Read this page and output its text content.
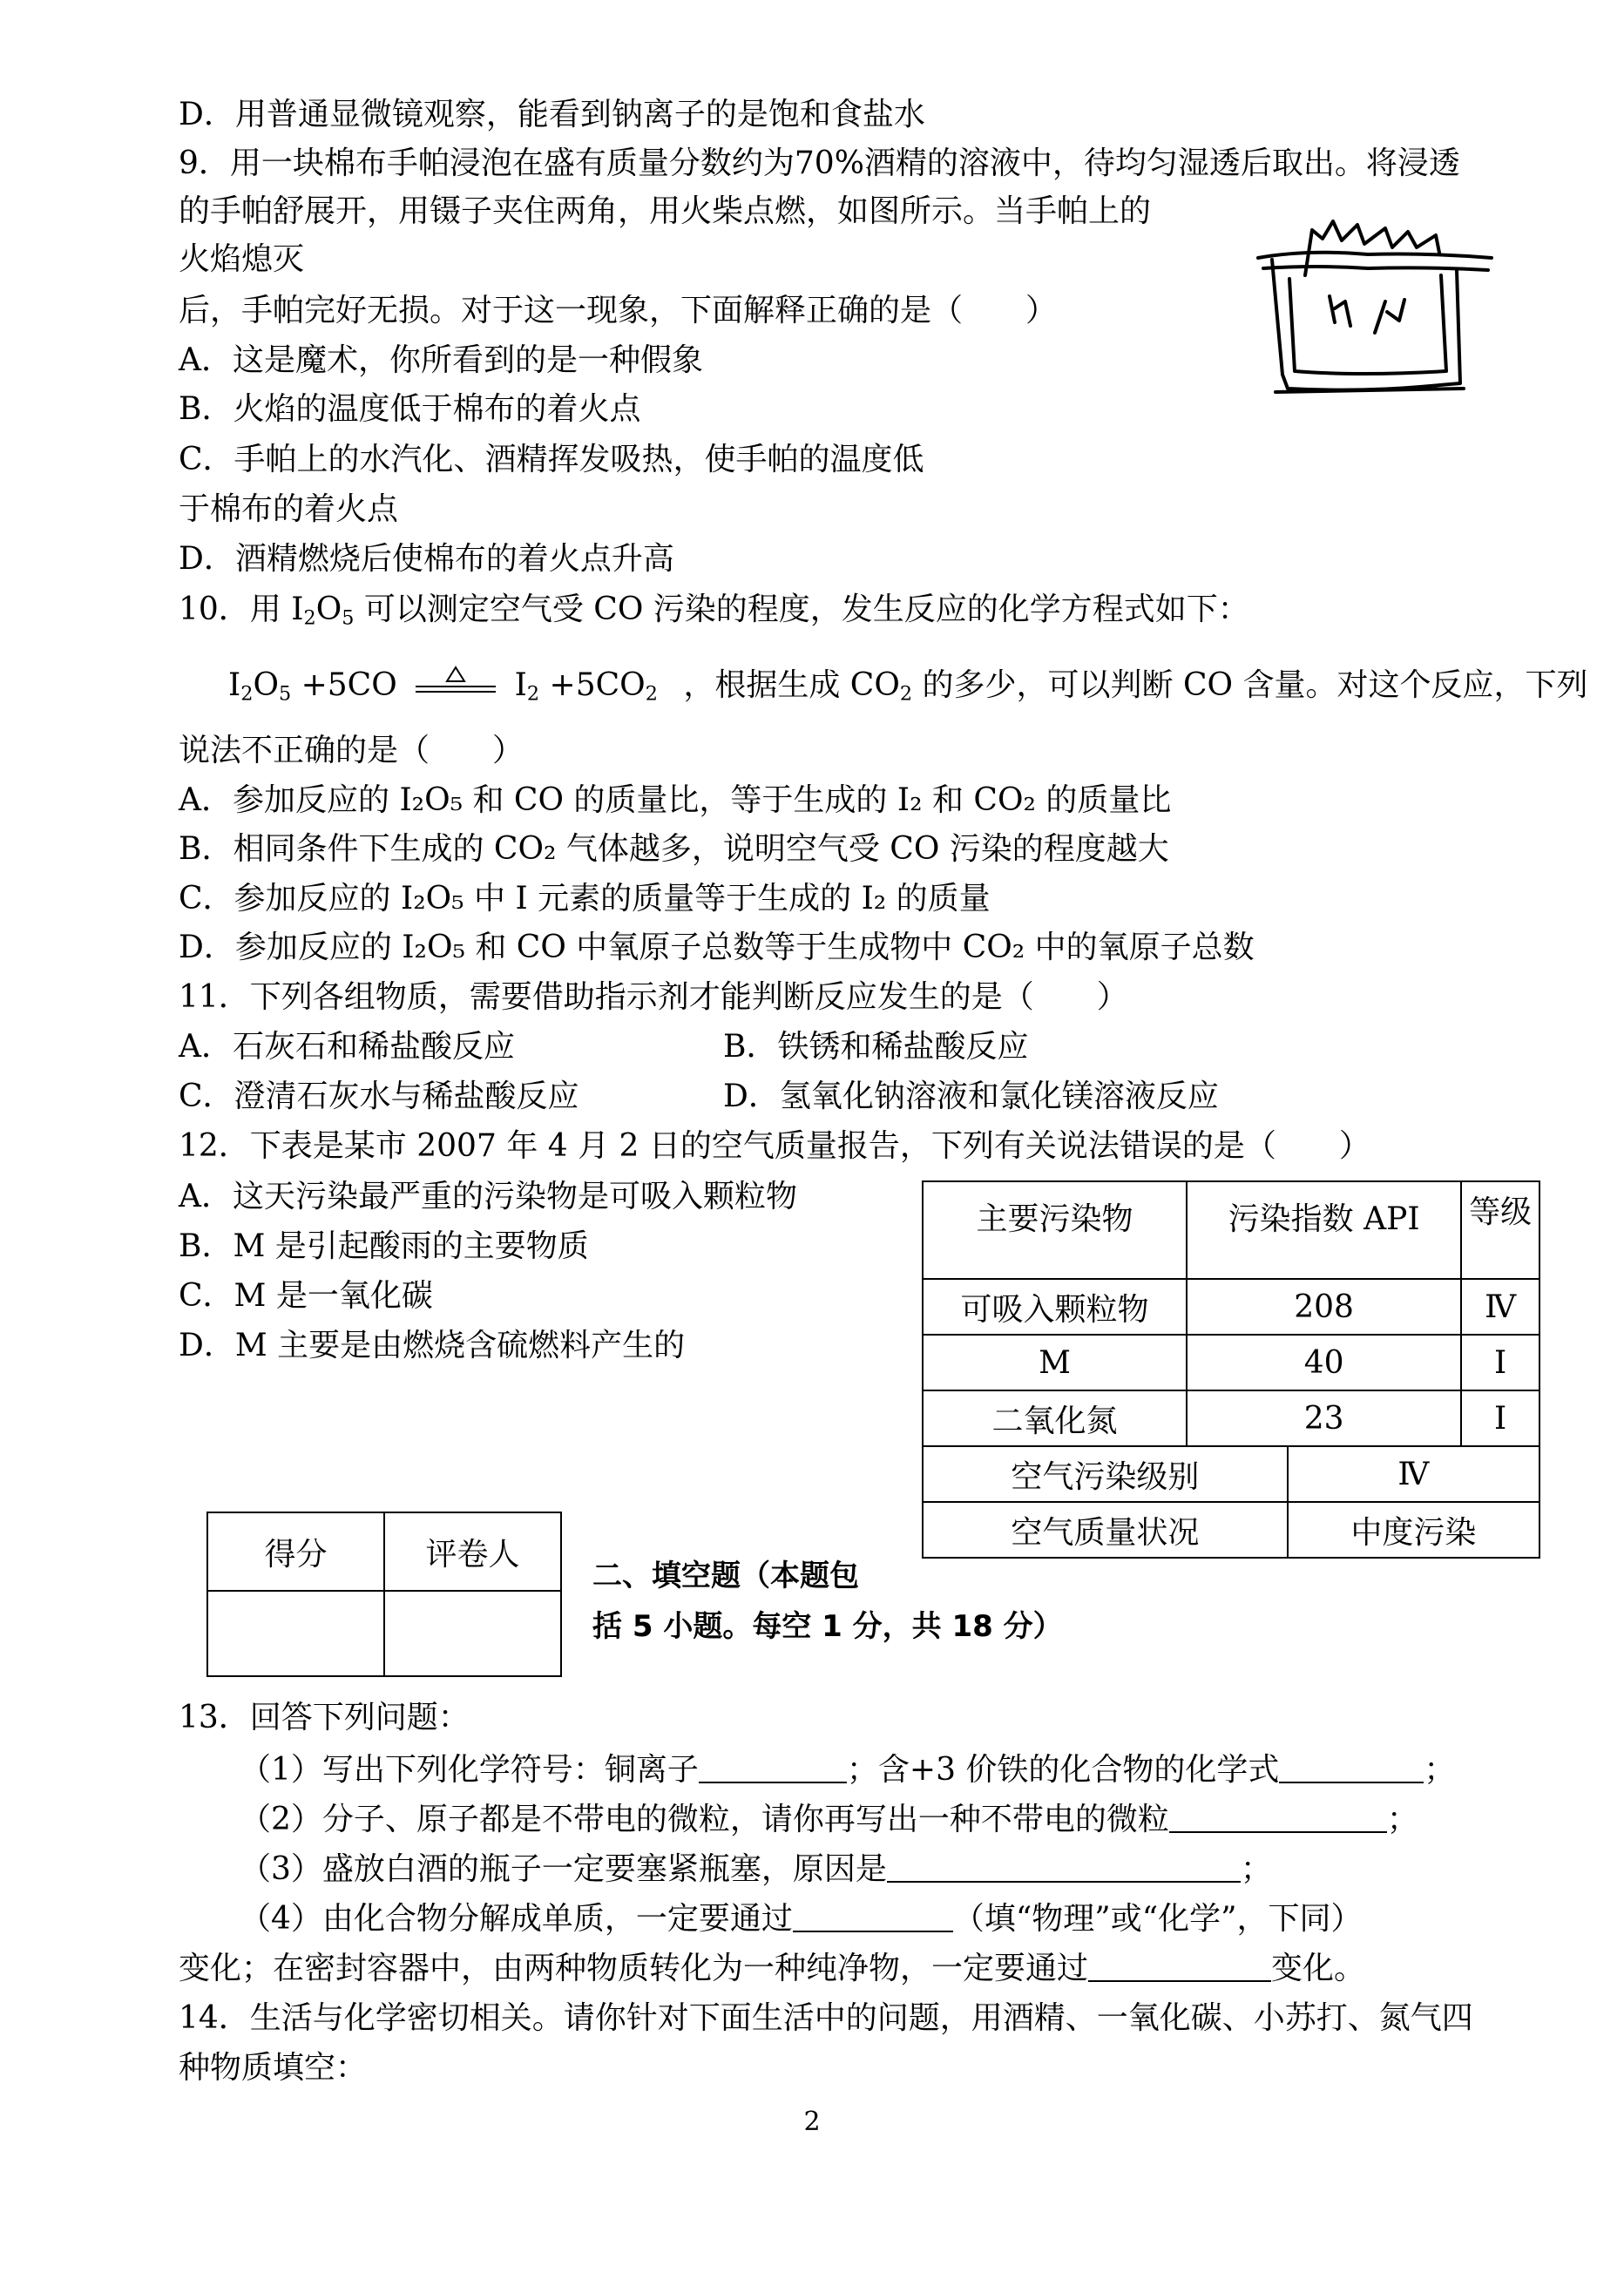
D．用普通显微镜观察，能看到钠离子的是饱和食盐水
9．用一块棉布手帕浸泡在盛有质量分数约为70%酒精的溶液中，待均匀湿透后取出。将浸透
的手帕舒展开，用镊子夹住两角，用火柴点燃，如图所示。当手帕上的
火焰熄灭
后，手帕完好无损。对于这一现象，下面解释正确的是（　　）
A．这是魔术，你所看到的是一种假象
B．火焰的温度低于棉布的着火点
C．手帕上的水汽化、酒精挥发吸热，使手帕的温度低
于棉布的着火点
D．酒精燃烧后使棉布的着火点升高
10．用 $I_2O_5$ 可以测定空气受 CO 污染的程度，发生反应的化学方程式如下：
$I_2O_5 +5CO$	$I_2 +5CO_2$ ，根据生成 $CO_2$ 的多少，可以判断 CO 含量。对这个反应，下列
说法不正确的是（　　）
A．参加反应的 I₂O₅ 和 CO 的质量比，等于生成的 I₂ 和 CO₂ 的质量比
B．相同条件下生成的 CO₂ 气体越多，说明空气受 CO 污染的程度越大
C．参加反应的 I₂O₅ 中 I 元素的质量等于生成的 I₂ 的质量
D．参加反应的 I₂O₅ 和 CO 中氧原子总数等于生成物中 CO₂ 中的氧原子总数
11．下列各组物质，需要借助指示剂才能判断反应发生的是（　　）
A．石灰石和稀盐酸反应	B．铁锈和稀盐酸反应
C．澄清石灰水与稀盐酸反应	D．氢氧化钠溶液和氯化镁溶液反应
12．下表是某市 2007 年 4 月 2 日的空气质量报告，下列有关说法错误的是（　　）
A．这天污染最严重的污染物是可吸入颗粒物
B．M 是引起酸雨的主要物质
C．M 是一氧化碳
D．M 主要是由燃烧含硫燃料产生的
主要污染物	污染指数 API		等级
可吸入颗粒物	208		Ⅳ
M	40		Ⅰ
二氧化氮	23		Ⅰ
空气污染级别		Ⅳ	
空气质量状况		中度污染	
得分	评卷人

二、填空题（本题包
括 5 小题。每空 1 分，共 18 分）
13．回答下列问题：
（1）写出下列化学符号：铜离子	；含+3 价铁的化合物的化学式	；
（2）分子、原子都是不带电的微粒，请你再写出一种不带电的微粒	；
（3）盛放白酒的瓶子一定要塞紧瓶塞，原因是	；
（4）由化合物分解成单质，一定要通过	（填“物理”或“化学”，下同）
变化；在密封容器中，由两种物质转化为一种纯净物，一定要通过	变化。
14．生活与化学密切相关。请你针对下面生活中的问题，用酒精、一氧化碳、小苏打、氮气四
种物质填空：
2
